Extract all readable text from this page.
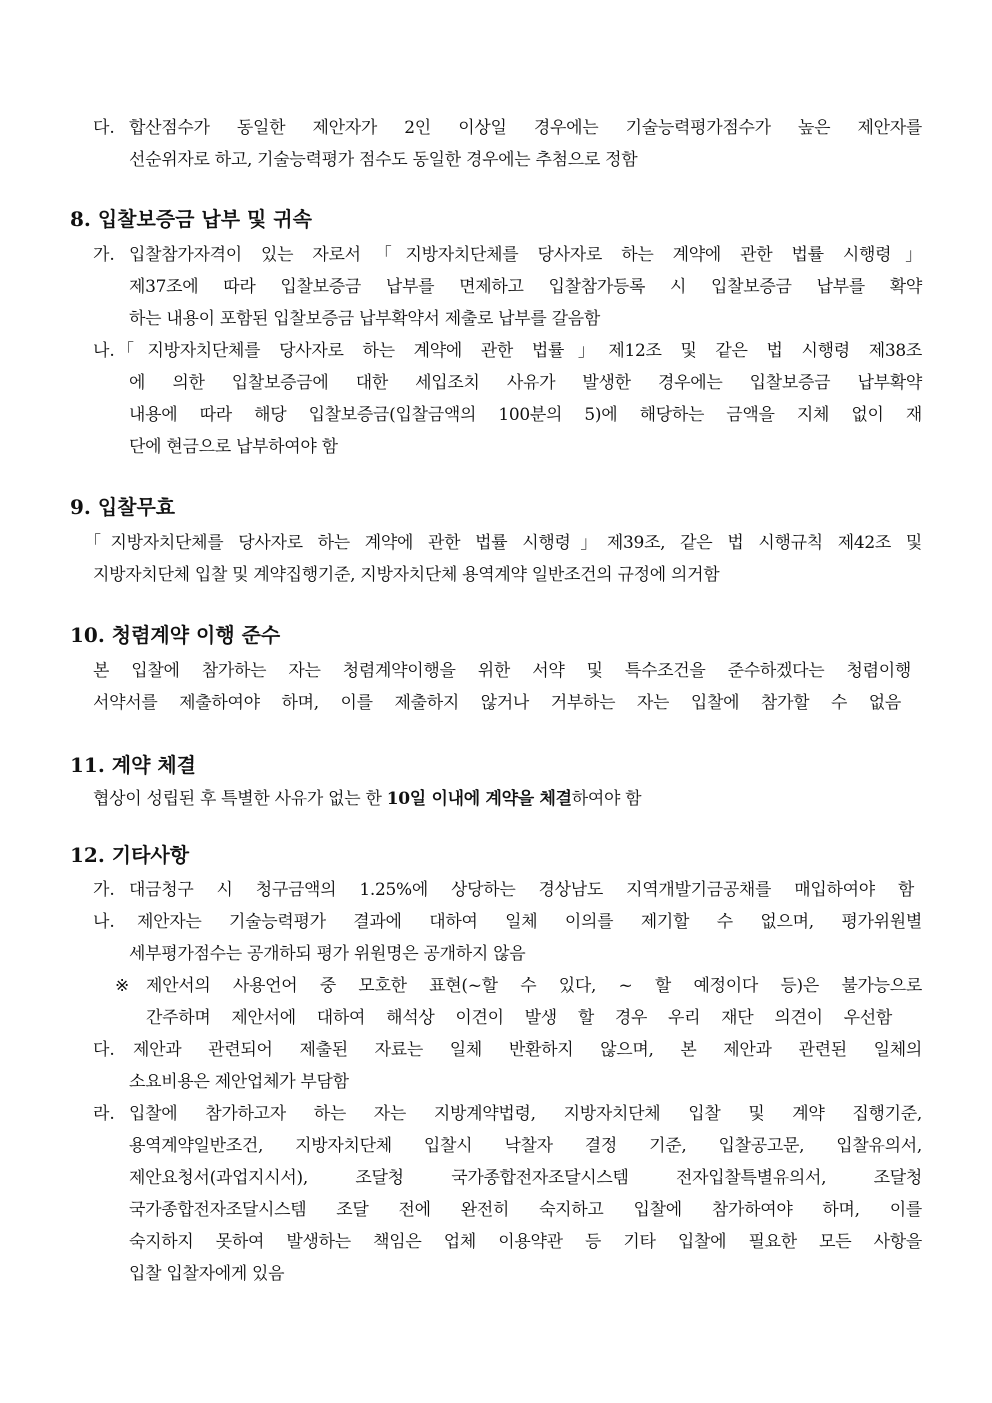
다. 합산점수가 동일한 제안자가 2인 이상일 경우에는 기술능력평가점수가 높은 제안자를
선순위자로 하고, 기술능력평가 점수도 동일한 경우에는 추첨으로 정함
8. 입찰보증금 납부 및 귀속
가. 입찰참가자격이 있는 자로서「지방자치단체를 당사자로 하는 계약에 관한 법률 시행령」
제37조에 따라 입찰보증금 납부를 면제하고 입찰참가등록 시 입찰보증금 납부를 확약
하는 내용이 포함된 입찰보증금 납부확약서 제출로 납부를 갈음함
나. 「지방자치단체를 당사자로 하는 계약에 관한 법률」제12조 및 같은 법 시행령 제38조
에 의한 입찰보증금에 대한 세입조치 사유가 발생한 경우에는 입찰보증금 납부확약
내용에 따라 해당 입찰보증금(입찰금액의 100분의 5)에 해당하는 금액을 지체 없이 재
단에 현금으로 납부하여야 함
9. 입찰무효
「지방자치단체를 당사자로 하는 계약에 관한 법률 시행령」제39조, 같은 법 시행규칙 제42조 및
지방자치단체 입찰 및 계약집행기준, 지방자치단체 용역계약 일반조건의 규정에 의거함
10. 청렴계약 이행 준수
본 입찰에 참가하는 자는 청렴계약이행을 위한 서약 및 특수조건을 준수하겠다는 청렴이행
서약서를 제출하여야 하며, 이를 제출하지 않거나 거부하는 자는 입찰에 참가할 수 없음
11. 계약 체결
협상이 성립된 후 특별한 사유가 없는 한 10일 이내에 계약을 체결하여야 함
12. 기타사항
가. 대금청구 시 청구금액의 1.25%에 상당하는 경상남도 지역개발기금공채를 매입하여야 함
나. 제안자는 기술능력평가 결과에 대하여 일체 이의를 제기할 수 없으며, 평가위원별
세부평가점수는 공개하되 평가 위원명은 공개하지 않음
※ 제안서의 사용언어 중 모호한 표현(~할 수 있다, ~ 할 예정이다 등)은 불가능으로
간주하며 제안서에 대하여 해석상 이견이 발생 할 경우 우리 재단 의견이 우선함
다. 제안과 관련되어 제출된 자료는 일체 반환하지 않으며, 본 제안과 관련된 일체의
소요비용은 제안업체가 부담함
라. 입찰에 참가하고자 하는 자는 지방계약법령, 지방자치단체 입찰 및 계약 집행기준,
용역계약일반조건, 지방자치단체 입찰시 낙찰자 결정 기준, 입찰공고문, 입찰유의서,
제안요청서(과업지시서), 조달청 국가종합전자조달시스템 전자입찰특별유의서, 조달청
국가종합전자조달시스템 조달 전에 완전히 숙지하고 입찰에 참가하여야 하며, 이를
숙지하지 못하여 발생하는 책임은 업체 이용약관 등 기타 입찰에 필요한 모든 사항을
입찰 입찰자에게 있음
